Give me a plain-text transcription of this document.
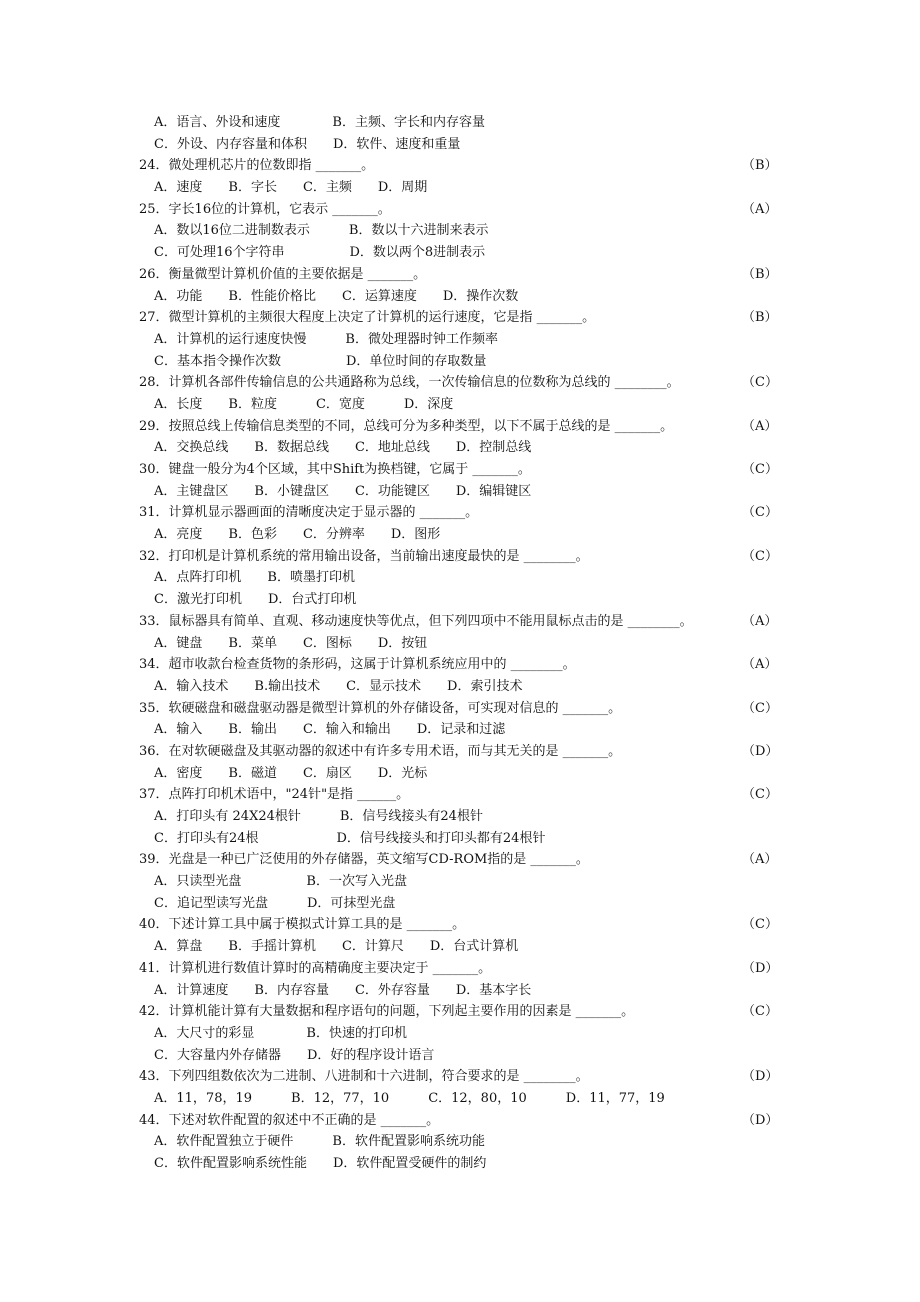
A．语言、外设和速度　　　　B．主频、字长和内存容量
C．外设、内存容量和体积　　D．软件、速度和重量
24．微处理机芯片的位数即指 _______。	（B）
A．速度　　B．字长　　C．主频　　D．周期
25．字长16位的计算机，它表示 _______。	（A）
A．数以16位二进制数表示　　　B．数以十六进制来表示
C．可处理16个字符串　　　　　D．数以两个8进制表示
26．衡量微型计算机价值的主要依据是 _______。	（B）
A．功能　　B．性能价格比　　C．运算速度　　D．操作次数
27．微型计算机的主频很大程度上决定了计算机的运行速度，它是指 _______。	（B）
A．计算机的运行速度快慢　　　B．微处理器时钟工作频率
C．基本指令操作次数　　　　　D．单位时间的存取数量
28．计算机各部件传输信息的公共通路称为总线，一次传输信息的位数称为总线的 ________。	（C）
A．长度　　B．粒度　　　C．宽度　　　D．深度
29．按照总线上传输信息类型的不同，总线可分为多种类型，以下不属于总线的是 _______。	（A）
A．交换总线　　B．数据总线　　C．地址总线　　D．控制总线
30．键盘一般分为4个区域，其中Shift为换档键，它属于 _______。	（C）
A．主键盘区　　B．小键盘区　　C．功能键区　　D．编辑键区
31．计算机显示器画面的清晰度决定于显示器的 _______。	（C）
A．亮度　　B．色彩　　C．分辨率　　D．图形
32．打印机是计算机系统的常用输出设备，当前输出速度最快的是 ________。	（C）
A．点阵打印机　　B．喷墨打印机
C．激光打印机　　D．台式打印机
33．鼠标器具有简单、直观、移动速度快等优点，但下列四项中不能用鼠标点击的是 ________。	（A）
A．键盘　　B．菜单　　C．图标　　D．按钮
34．超市收款台检查货物的条形码，这属于计算机系统应用中的 ________。	（A）
A．输入技术　　B.输出技术　　C．显示技术　　D．索引技术
35．软硬磁盘和磁盘驱动器是微型计算机的外存储设备，可实现对信息的 _______。	（C）
A．输入　　B．输出　　C．输入和输出　　D．记录和过滤
36．在对软硬磁盘及其驱动器的叙述中有许多专用术语，而与其无关的是 _______。	（D）
A．密度　　B．磁道　　C．扇区　　D．光标
37．点阵打印机术语中，"24针"是指 ______。	（C）
A．打印头有 24X24根针　　　B．信号线接头有24根针
C．打印头有24根　　　　　　D．信号线接头和打印头都有24根针
39．光盘是一种已广泛使用的外存储器，英文缩写CD-ROM指的是 _______。	（A）
A．只读型光盘　　　　　B．一次写入光盘
C．追记型读写光盘　　　D．可抹型光盘
40．下述计算工具中属于模拟式计算工具的是 _______。	（C）
A．算盘　　B．手摇计算机　　C．计算尺　　D．台式计算机
41．计算机进行数值计算时的高精确度主要决定于 _______。	（D）
A．计算速度　　B．内存容量　　C．外存容量　　D．基本字长
42．计算机能计算有大量数据和程序语句的问题，下列起主要作用的因素是 _______。	（C）
A．大尺寸的彩显　　　　B．快速的打印机
C．大容量内外存储器　　D．好的程序设计语言
43．下列四组数依次为二进制、八进制和十六进制，符合要求的是 ________。	（D）
A．11，78，19　　　B．12，77，10　　　C．12，80，10　　　D．11，77，19
44．下述对软件配置的叙述中不正确的是 _______。	（D）
A．软件配置独立于硬件　　　B．软件配置影响系统功能
C．软件配置影响系统性能　　D．软件配置受硬件的制约
